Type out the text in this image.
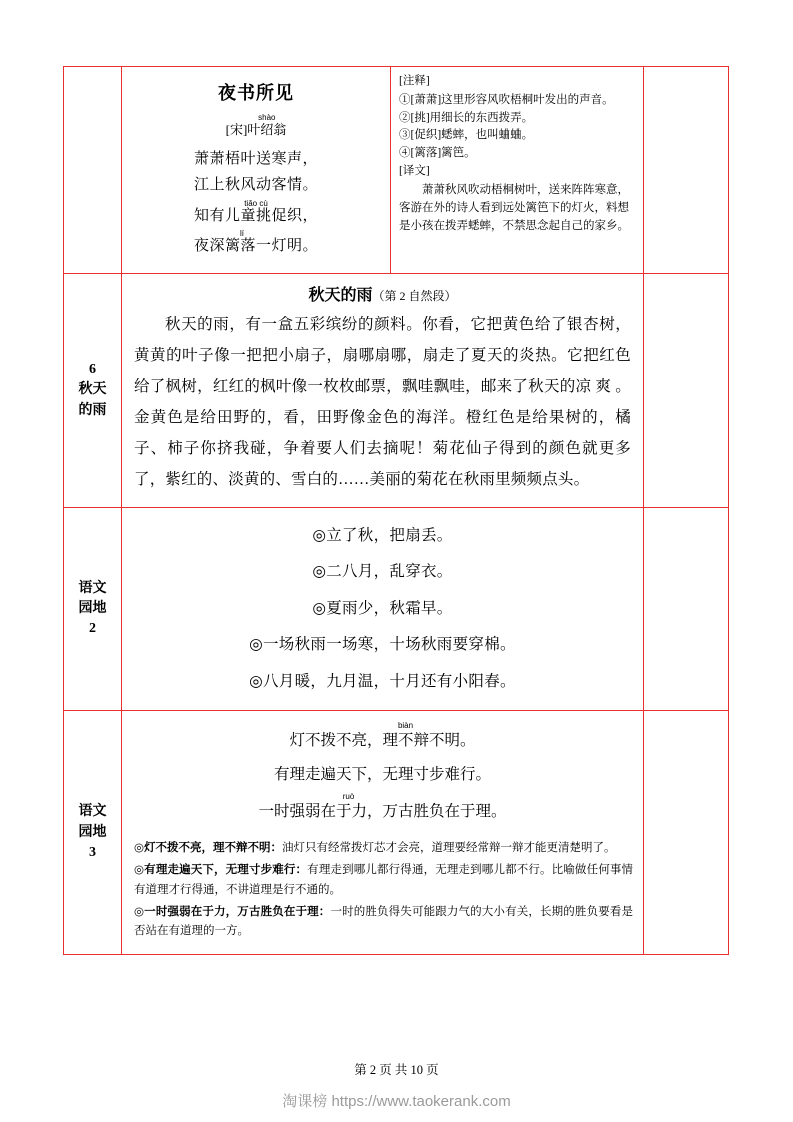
夜书所见
[宋]叶绍shào翁
萧萧梧叶送寒声，
江上秋风动客情。
tiǎo cù
知有儿童挑促织，
lí
夜深篱落一灯明。

[注释]

①[萧萧]这里形容风吹梧桐叶发出的声音。

②[挑]用细长的东西拨弄。

③[促织]蟋蟀，也叫蛐蛐。

④[篱落]篱笆。

[译文]

萧萧秋风吹动梧桐树叶，送来阵阵寒意，客游在外的诗人看到远处篱笆下的灯火，料想是小孩在拨弄蟋蟀，不禁思念起自己的家乡。

6
秋天
的雨

秋天的雨（第 2 自然段）
秋天的雨，有一盒五彩缤纷的颜料。你看，它把黄色给了银杏树，黄黄的叶子像一把把小扇子，扇哪扇哪，扇走了夏天的炎热。它把红色给了枫树，红红的枫叶像一枚枚邮票，飘哇飘哇，邮来了秋天的凉 爽 。金黄色是给田野的，看，田野像金色的海洋。橙红色是给果树的，橘子、柿子你挤我碰，争着要人们去摘呢！菊花仙子得到的颜色就更多了，紫红的、淡黄的、雪白的……美丽的菊花在秋雨里频频点头。

语文
园地
2

◎立了秋，把扇丢。
◎二八月，乱穿衣。
◎夏雨少，秋霜早。
◎一场秋雨一场寒，十场秋雨要穿棉。
◎八月暖，九月温，十月还有小阳春。

语文
园地
3

biàn
灯不拨不亮，理不辩不明。
有理走遍天下，无理寸步难行。
ruò
一时强弱在于力，万古胜负在于理。

◎灯不拨不亮，理不辩不明：油灯只有经常拨灯芯才会亮，道理要经常辩一辩才能更清楚明了。

◎有理走遍天下，无理寸步难行：有理走到哪儿都行得通，无理走到哪儿都不行。比喻做任何事情有道理才行得通，不讲道理是行不通的。

◎一时强弱在于力，万古胜负在于理：一时的胜负得失可能跟力气的大小有关，长期的胜负要看是否站在有道理的一方。

第 2 页 共 10 页
淘课榜 https://www.taokerank.com
